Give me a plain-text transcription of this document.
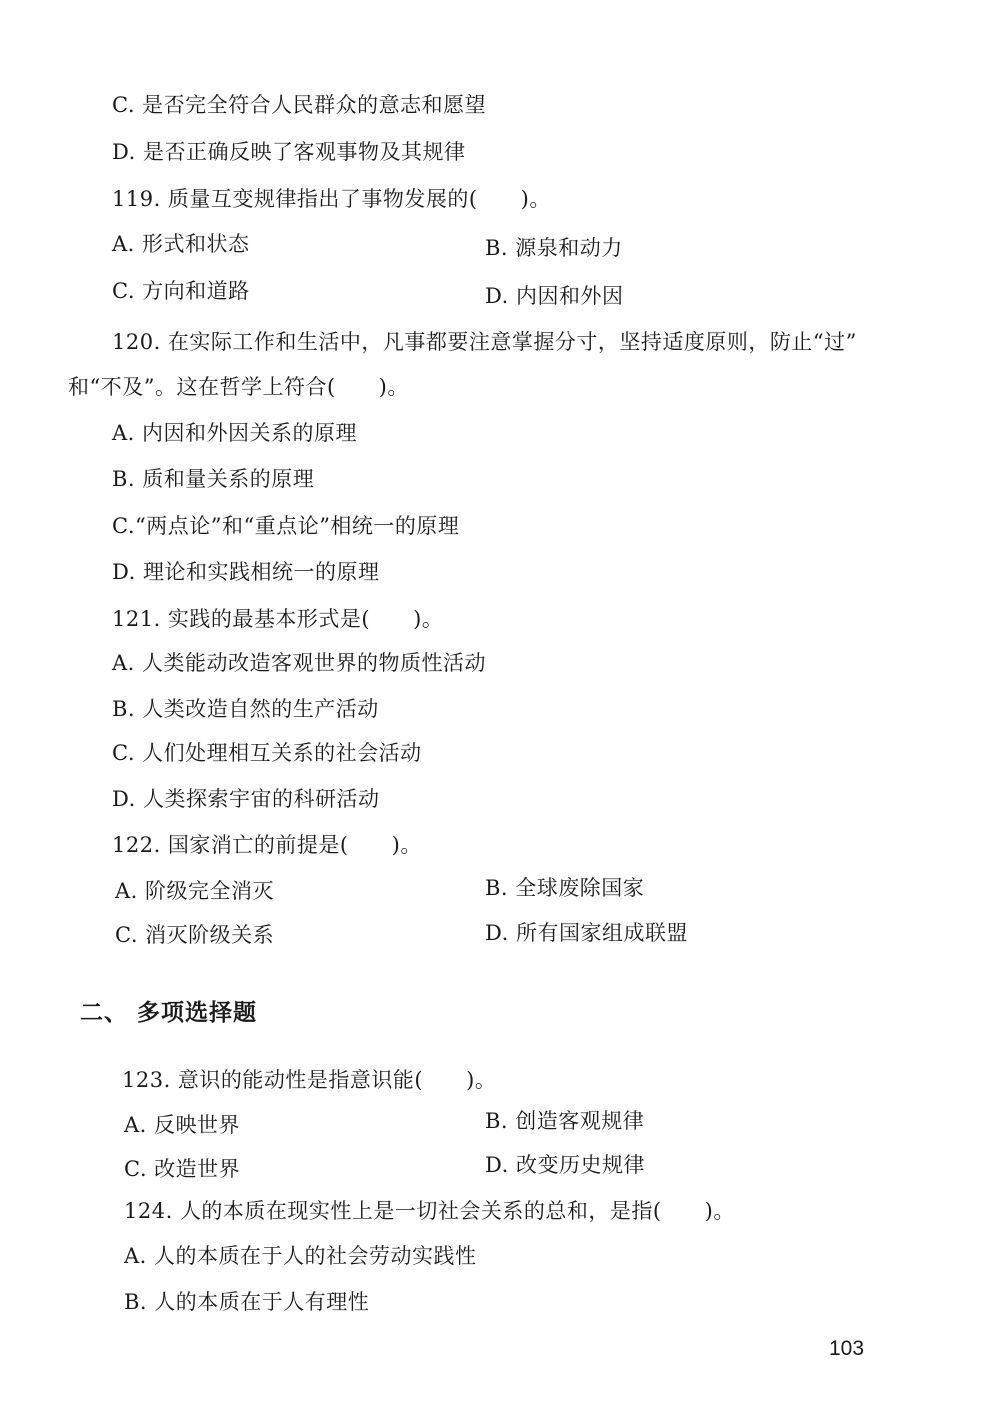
C. 是否完全符合人民群众的意志和愿望
D. 是否正确反映了客观事物及其规律
119. 质量互变规律指出了事物发展的(　　)。
A. 形式和状态	B. 源泉和动力
C. 方向和道路	D. 内因和外因
120. 在实际工作和生活中，凡事都要注意掌握分寸，坚持适度原则，防止“过”
和“不及”。这在哲学上符合(　　)。
A. 内因和外因关系的原理
B. 质和量关系的原理
C.“两点论”和“重点论”相统一的原理
D. 理论和实践相统一的原理
121. 实践的最基本形式是(　　)。
A. 人类能动改造客观世界的物质性活动
B. 人类改造自然的生产活动
C. 人们处理相互关系的社会活动
D. 人类探索宇宙的科研活动
122. 国家消亡的前提是(　　)。
A. 阶级完全消灭	B. 全球废除国家
C. 消灭阶级关系	D. 所有国家组成联盟
二、 多项选择题
123. 意识的能动性是指意识能(　　)。
A. 反映世界	B. 创造客观规律
C. 改造世界	D. 改变历史规律
124. 人的本质在现实性上是一切社会关系的总和，是指(　　)。
A. 人的本质在于人的社会劳动实践性
B. 人的本质在于人有理性
103
